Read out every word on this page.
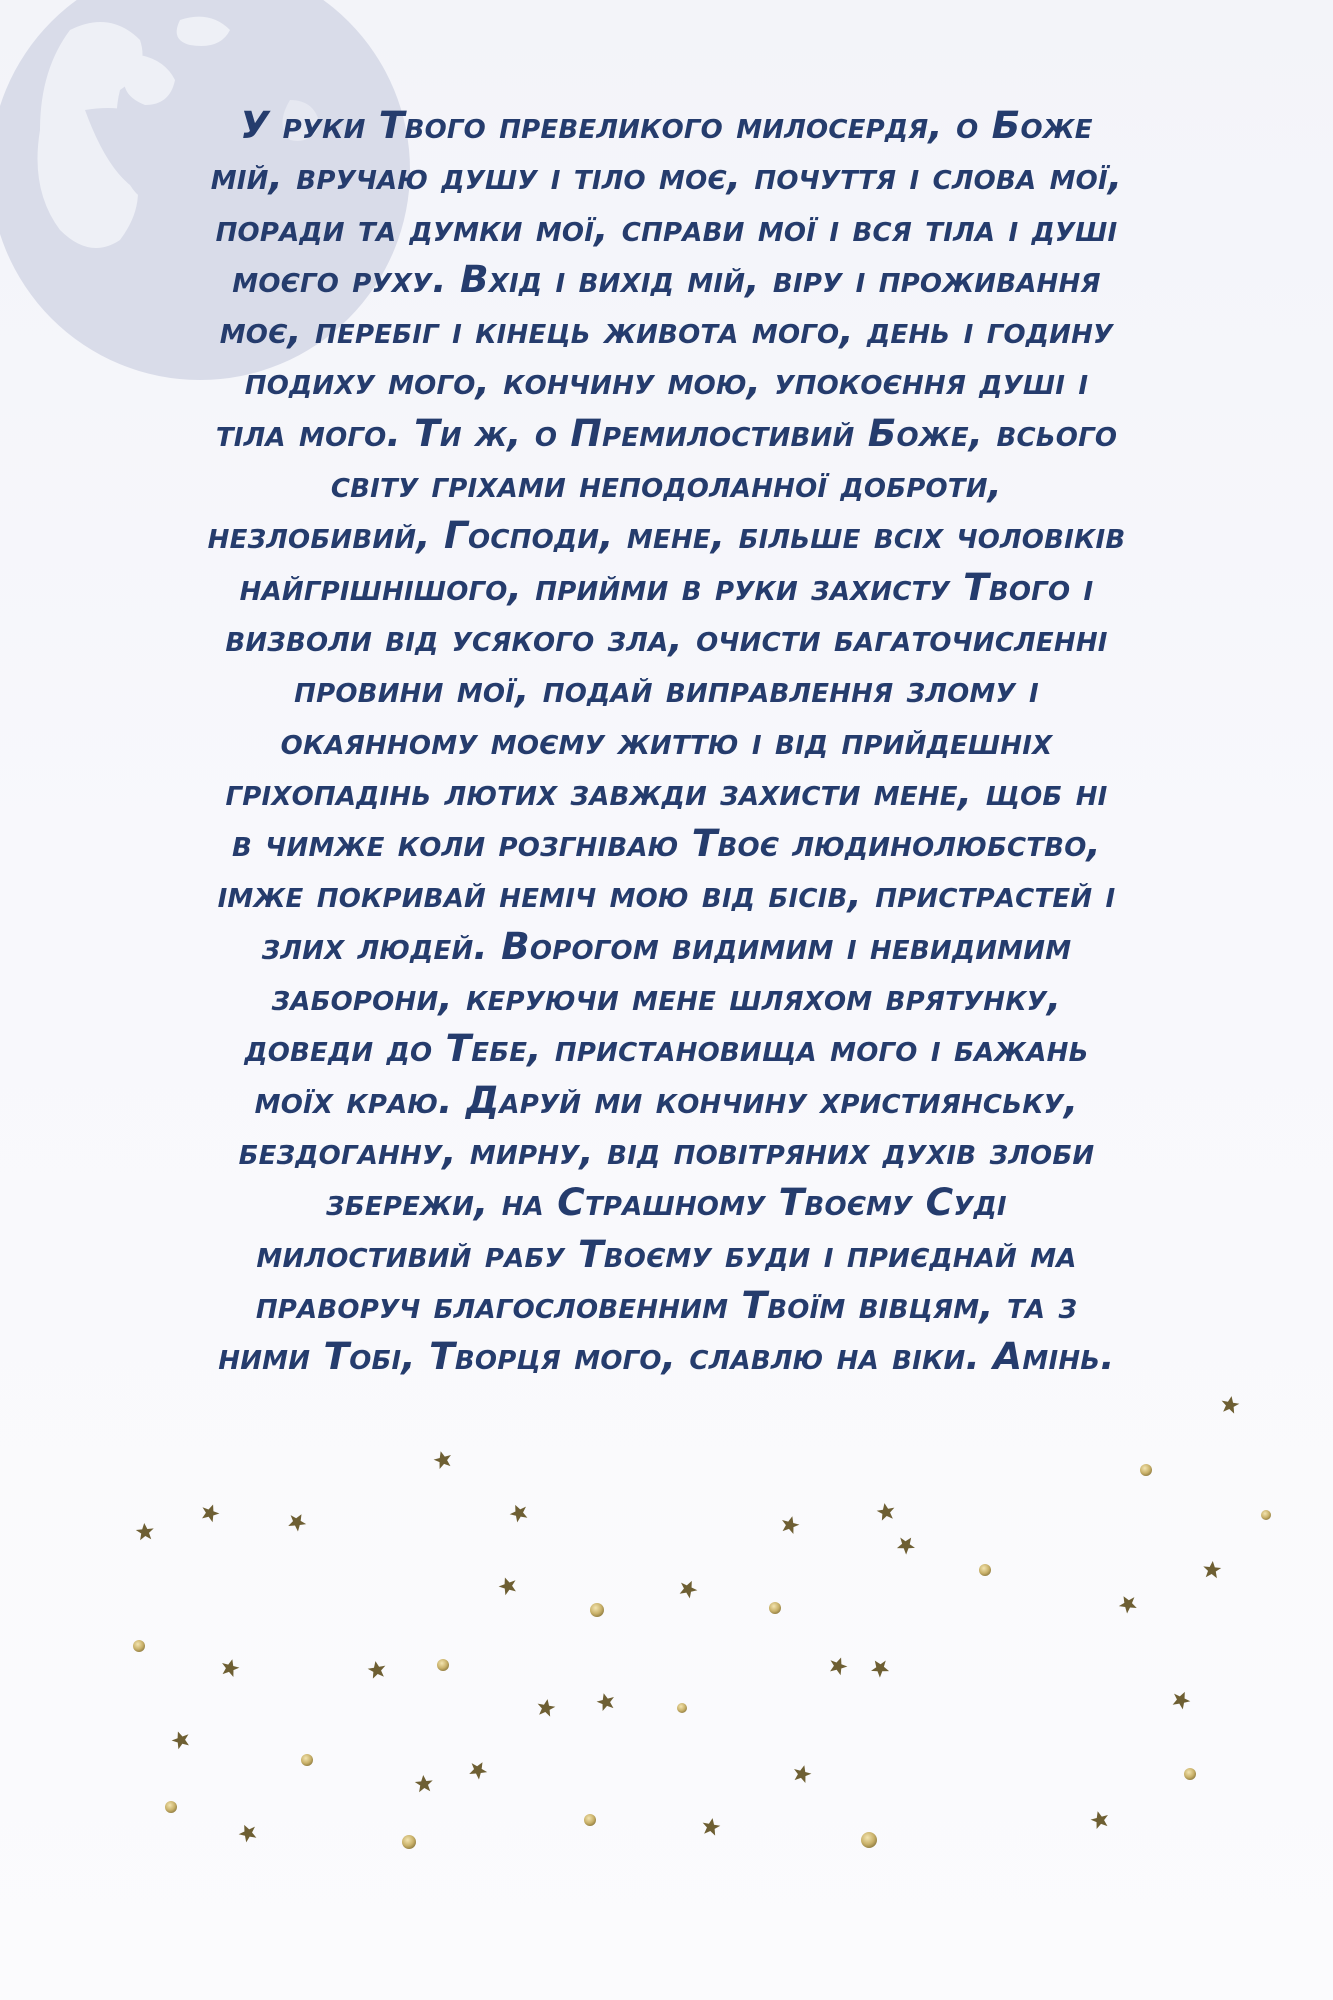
У руки Твого превеликого милосердя, о Боже
мій, вручаю душу і тіло моє, почуття і слова мої,
поради та думки мої, справи мої і вся тіла і душі
моєго руху. Вхід і вихід мій, віру і проживання
моє, перебіг і кінець живота мого, день і годину
подиху мого, кончину мою, упокоєння душі і
тіла мого. Ти ж, о Премилостивий Боже, всього
світу гріхами неподоланної доброти,
незлобивий, Господи, мене, більше всіх чоловіків
найгрішнішого, прийми в руки захисту Твого і
визволи від усякого зла, очисти багаточисленні
провини мої, подай виправлення злому і
окаянному моєму життю і від прийдешніх
гріхопадінь лютих завжди захисти мене, щоб ні
в чимже коли розгніваю Твоє людинолюбство,
імже покривай неміч мою від бісів, пристрастей і
злих людей. Ворогом видимим і невидимим
заборони, керуючи мене шляхом врятунку,
доведи до Тебе, пристановища мого і бажань
моїх краю. Даруй ми кончину християнську,
бездоганну, мирну, від повітряних духів злоби
збережи, на Страшному Твоєму Суді
милостивий рабу Твоєму буди і приєднай ма
праворуч благословенним Твоїм вівцям, та з
ними Тобі, Творця мого, славлю на віки. Амінь.
